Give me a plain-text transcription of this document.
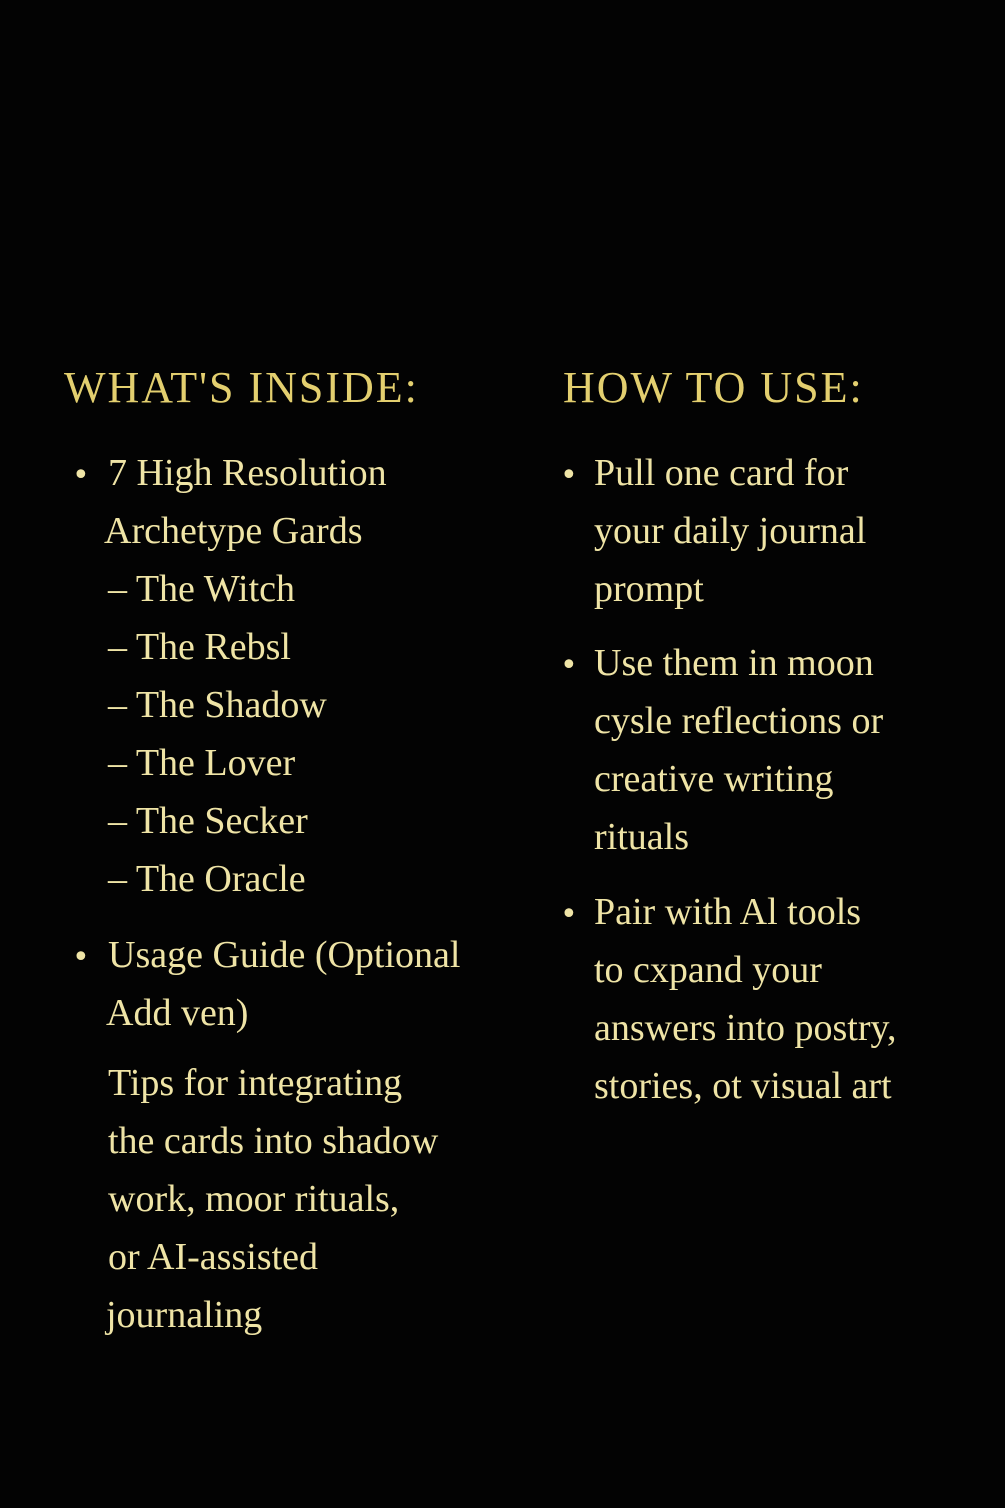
WHAT'S INSIDE:
• 7 High Resolution
Archetype Gards
– The Witch
– The Rebsl
– The Shadow
– The Lover
– The Secker
– The Oracle
• Usage Guide (Optional
Add ven)
Tips for integrating
the cards into shadow
work, moor rituals,
or AI-assisted
journaling
HOW TO USE:
• Pull one card for
your daily journal
prompt
• Use them in moon
cysle reflections or
creative writing
rituals
• Pair with Al tools
to cxpand your
answers into postry,
stories, ot visual art
